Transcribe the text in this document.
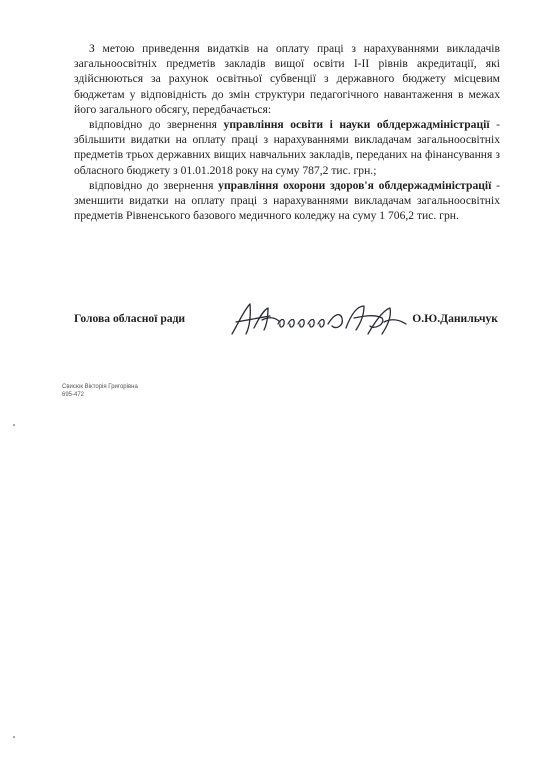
З метою приведення видатків на оплату праці з нарахуваннями викладачів загальноосвітніх предметів закладів вищої освіти І-ІІ рівнів акредитації, які здійснюються за рахунок освітньої субвенції з державного бюджету місцевим бюджетам у відповідність до змін структури педагогічного навантаження в межах його загального обсягу, передбачається:

відповідно до звернення управління освіти і науки облдержадміністрації - збільшити видатки на оплату праці з нарахуваннями викладачам загальноосвітніх предметів трьох державних вищих навчальних закладів, переданих на фінансування з обласного бюджету з 01.01.2018 року на суму 787,2 тис. грн.;

відповідно до звернення управління охорони здоров'я облдержадміністрації - зменшити видатки на оплату праці з нарахуваннями викладачам загальноосвітніх предметів Рівненського базового медичного коледжу на суму 1 706,2 тис. грн.

Голова обласної ради	О.Ю.Данильчук
Свисюк Вікторія Григорівна
695-472
